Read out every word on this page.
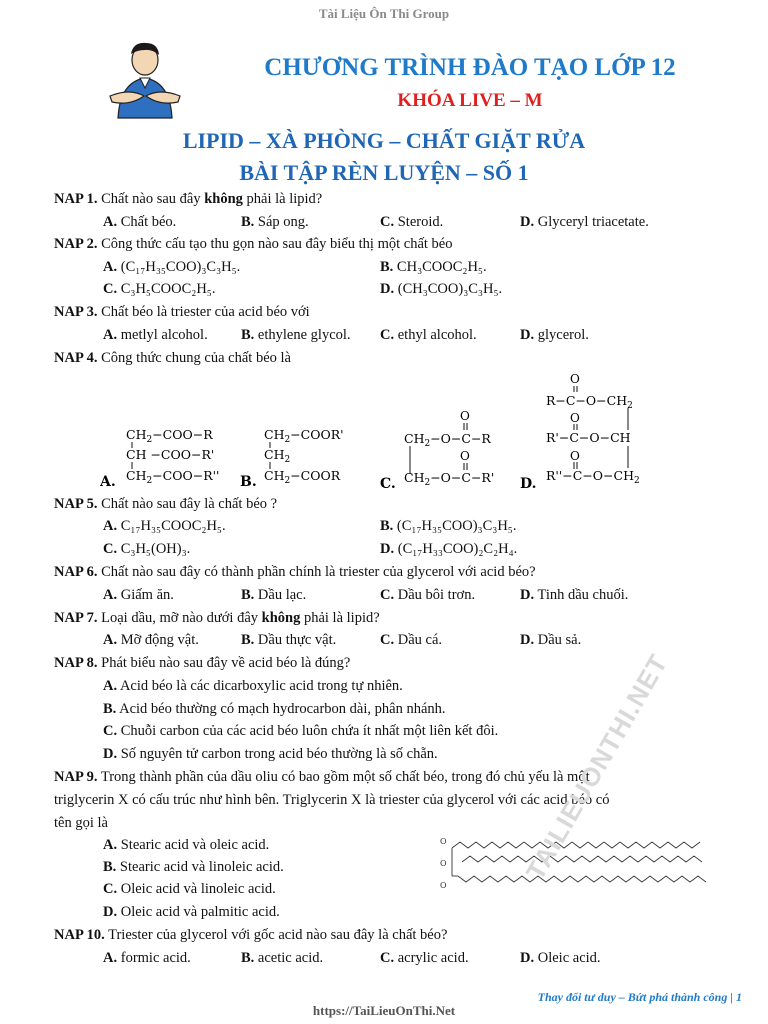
Tài Liệu Ôn Thi Group
CHƯƠNG TRÌNH ĐÀO TẠO LỚP 12
KHÓA LIVE – M
LIPID – XÀ PHÒNG – CHẤT GIẶT RỬA
BÀI TẬP RÈN LUYỆN – SỐ 1
NAP 1. Chất nào sau đây không phải là lipid?
A. Chất béo.	B. Sáp ong.	C. Steroid.	D. Glyceryl triacetate.
NAP 2. Công thức cấu tạo thu gọn nào sau đây biểu thị một chất béo
A. (C₁₇H₃₅COO)₃C₃H₅.	B. CH₃COOC₂H₅.
C. C₃H₅COOC₂H₅.	D. (CH₃COO)₃C₃H₅.
NAP 3. Chất béo là triester của acid béo với
A. metlyl alcohol. B. ethylene glycol. C. ethyl alcohol.	D. glycerol.
NAP 4. Công thức chung của chất béo là
A.
$CH_2-COO-R$
CH −COO−R'
$CH_2-COO-R''$ B.
$CH_2-COOR'$
$CH_2$
$CH_2-COOR$
C.
O
$CH_2-O-C-R$
O
$CH_2-O-C-R'$ D.
O
$R-C-O-CH_2$
O
R'−C−O−CH
O
$R''-C-O-CH_2$
NAP 5. Chất nào sau đây là chất béo ?
A. C₁₇H₃₅COOC₂H₅.	B. (C₁₇H₃₅COO)₃C₃H₅.
C. C₃H₅(OH)₃.	D. (C₁₇H₃₃COO)₂C₂H₄.
NAP 6. Chất nào sau đây có thành phần chính là triester của glycerol với acid béo?
A. Giấm ăn.	B. Dầu lạc.	C. Dầu bôi trơn.	D. Tinh dầu chuối.
NAP 7. Loại dầu, mỡ nào dưới đây không phải là lipid?
A. Mỡ động vật.	B. Dầu thực vật.	C. Dầu cá.	D. Dầu sả.
NAP 8. Phát biểu nào sau đây về acid béo là đúng?
A. Acid béo là các dicarboxylic acid trong tự nhiên.
B. Acid béo thường có mạch hydrocarbon dài, phân nhánh.
C. Chuỗi carbon của các acid béo luôn chứa ít nhất một liên kết đôi.
D. Số nguyên tử carbon trong acid béo thường là số chẵn.
NAP 9. Trong thành phần của dầu oliu có bao gồm một số chất béo, trong đó chủ yếu là một
triglycerin X có cấu trúc như hình bên. Triglycerin X là triester của glycerol với các acid béo có
tên gọi là
A. Stearic acid và oleic acid.
B. Stearic acid và linoleic acid.
C. Oleic acid và linoleic acid.
D. Oleic acid và palmitic acid.
O
O
O
NAP 10. Triester của glycerol với gốc acid nào sau đây là chất béo?
A. formic acid.	B. acetic acid.	C. acrylic acid.	D. Oleic acid.
TAILIEUONTHI.NET
Thay đổi tư duy – Bứt phá thành công | 1
https://TaiLieuOnThi.Net
